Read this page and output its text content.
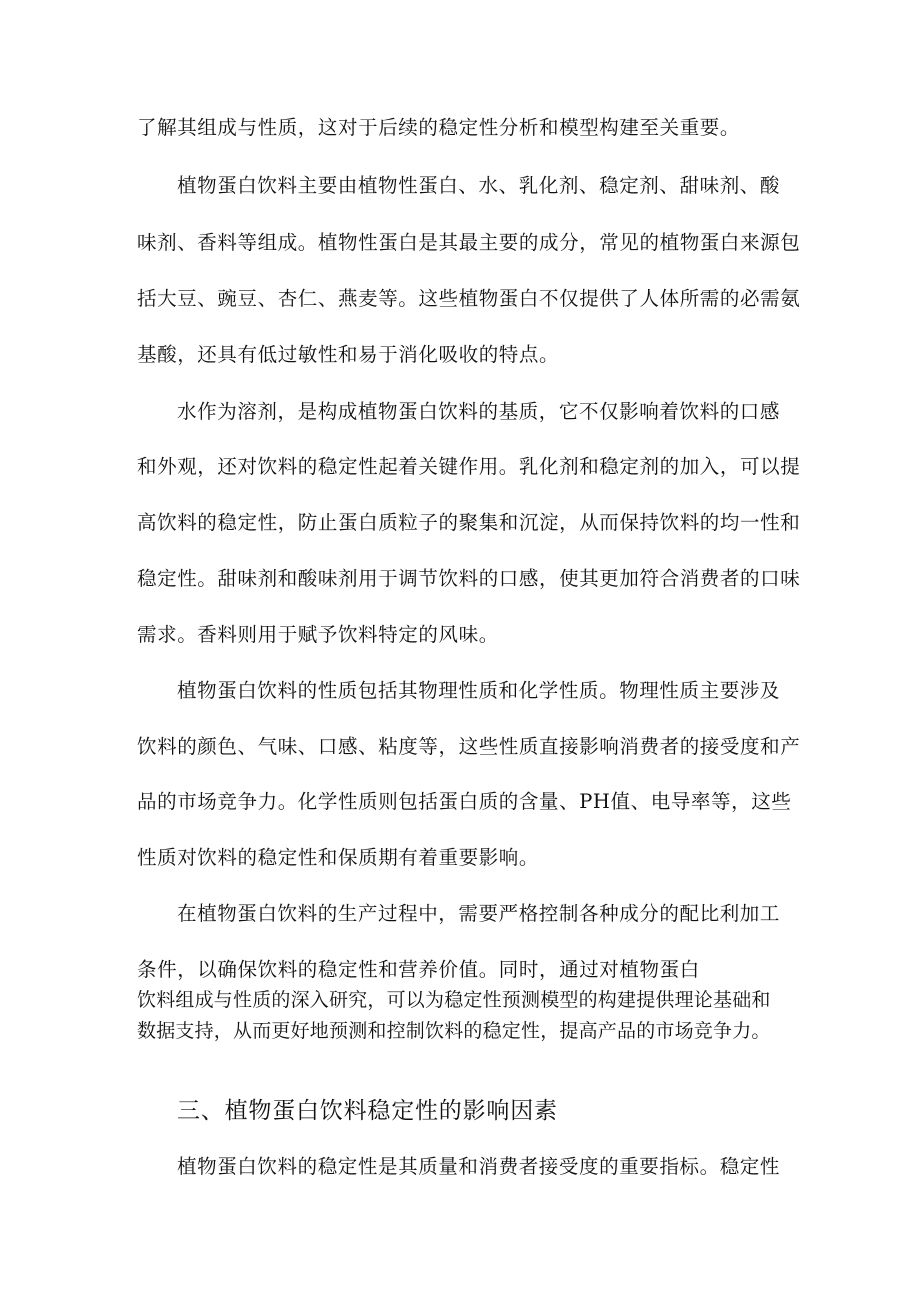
了解其组成与性质，这对于后续的稳定性分析和模型构建至关重要。
植物蛋白饮料主要由植物性蛋白、水、乳化剂、稳定剂、甜味剂、酸
味剂、香料等组成。植物性蛋白是其最主要的成分，常见的植物蛋白来源包
括大豆、豌豆、杏仁、燕麦等。这些植物蛋白不仅提供了人体所需的必需氨
基酸，还具有低过敏性和易于消化吸收的特点。
水作为溶剂，是构成植物蛋白饮料的基质，它不仅影响着饮料的口感
和外观，还对饮料的稳定性起着关键作用。乳化剂和稳定剂的加入，可以提
高饮料的稳定性，防止蛋白质粒子的聚集和沉淀，从而保持饮料的均一性和
稳定性。甜味剂和酸味剂用于调节饮料的口感，使其更加符合消费者的口味
需求。香料则用于赋予饮料特定的风味。
植物蛋白饮料的性质包括其物理性质和化学性质。物理性质主要涉及
饮料的颜色、气味、口感、粘度等，这些性质直接影响消费者的接受度和产
品的市场竞争力。化学性质则包括蛋白质的含量、PH值、电导率等，这些
性质对饮料的稳定性和保质期有着重要影响。
在植物蛋白饮料的生产过程中，需要严格控制各种成分的配比利加工
条件，以确保饮料的稳定性和营养价值。同时，通过对植物蛋白
饮料组成与性质的深入研究，可以为稳定性预测模型的构建提供理论基础和
数据支持，从而更好地预测和控制饮料的稳定性，提高产品的市场竞争力。
三、植物蛋白饮料稳定性的影响因素
植物蛋白饮料的稳定性是其质量和消费者接受度的重要指标。稳定性
